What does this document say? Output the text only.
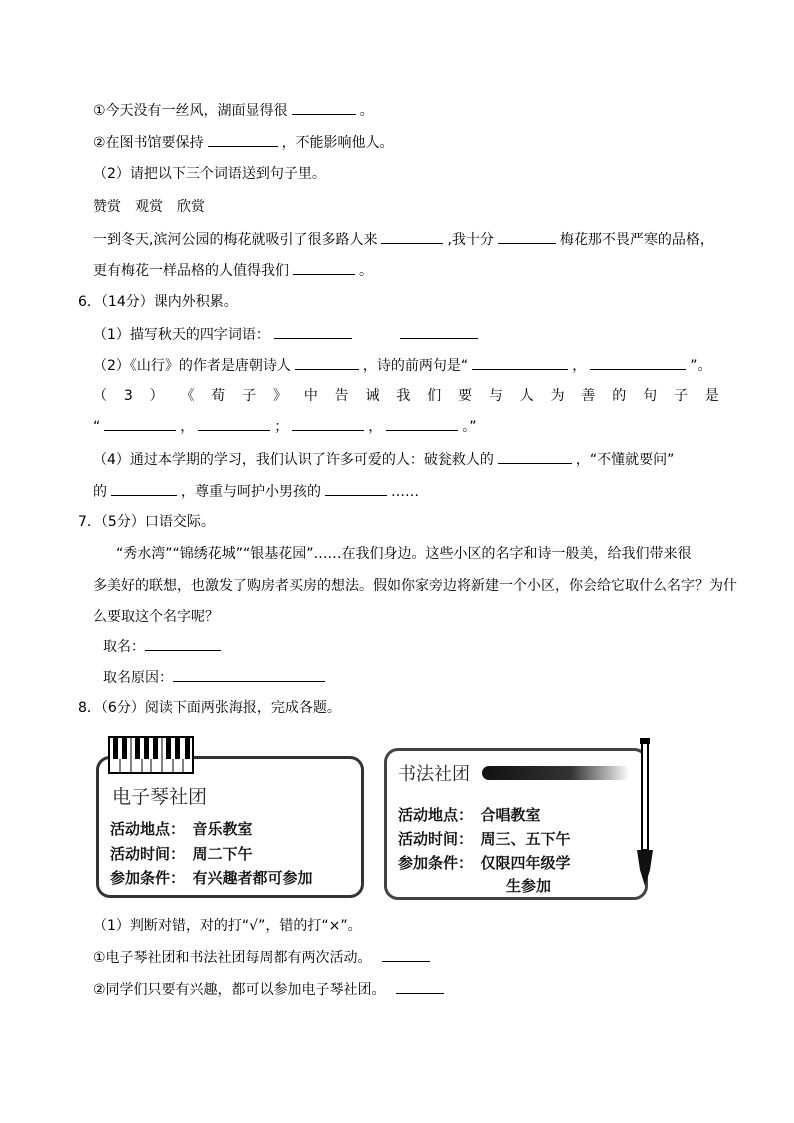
①今天没有一丝风，湖面显得很	。
②在图书馆要保持	，不能影响他人。
（2）请把以下三个词语送到句子里。
赞赏　观赏　欣赏
一到冬天,滨河公园的梅花就吸引了很多路人来	,我十分	梅花那不畏严寒的品格，
更有梅花一样品格的人值得我们	。
6．（14分）课内外积累。
（1）描写秋天的四字词语：
（2）《山行》的作者是唐朝诗人	，诗的前两句是“	，	”。
（ 3 ） 《 荀 子 》 中 告 诫 我 们 要 与 人 为 善 的 句 子 是
“	，	；	，	。”
（4）通过本学期的学习，我们认识了许多可爱的人：破瓮救人的	，“不懂就要问”
的	，尊重与呵护小男孩的	……
7．（5分）口语交际。
“秀水湾”“锦绣花城”“银基花园”……在我们身边。这些小区的名字和诗一般美，给我们带来很
多美好的联想，也激发了购房者买房的想法。假如你家旁边将新建一个小区，你会给它取什么名字？为什
么要取这个名字呢？
取名：
取名原因：
8．（6分）阅读下面两张海报，完成各题。
电子琴社团
活动地点：　音乐教室
活动时间：　周二下午
参加条件：　有兴趣者都可参加
书法社团
活动地点：　合唱教室
活动时间：　周三、五下午
参加条件：　仅限四年级学
生参加
（1）判断对错，对的打“√”，错的打“×”。
①电子琴社团和书法社团每周都有两次活动。
②同学们只要有兴趣，都可以参加电子琴社团。
